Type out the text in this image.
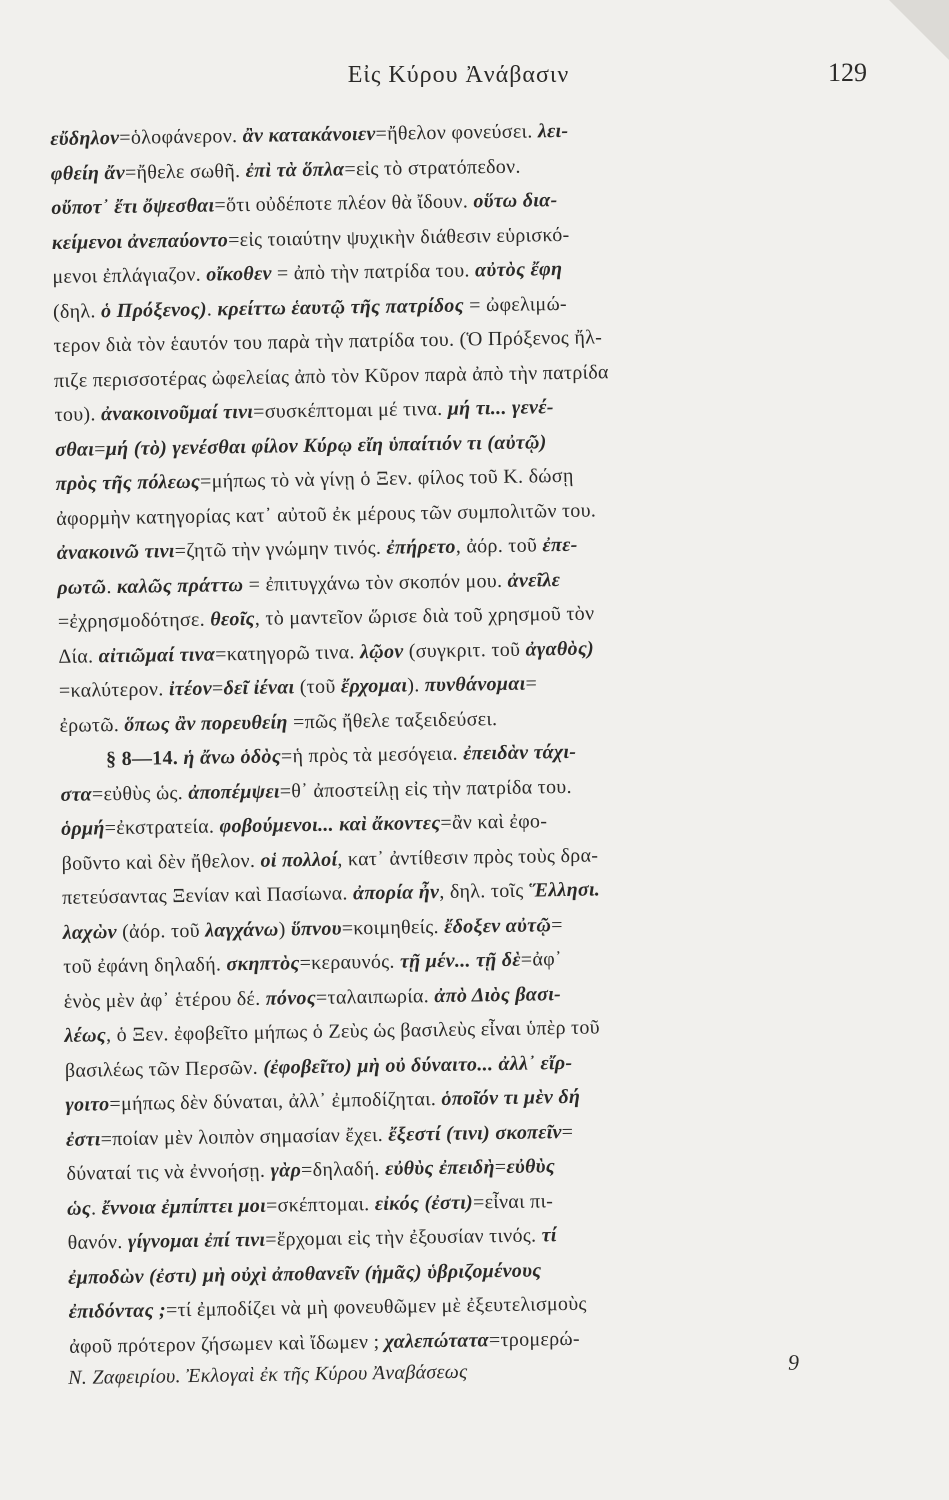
Εἰς Κύρου Ἀνάβασιν	129
εὔδηλον=ὁλοφάνερον. ἂν κατακάνοιεν=ἤθελον φονεύσει. λει-
φθείη ἄν=ἤθελε σωθῆ. ἐπὶ τὰ ὅπλα=εἰς τὸ στρατόπεδον.
οὔποτ᾽ ἔτι ὄψεσθαι=ὅτι οὐδέποτε πλέον θὰ ἴδουν. οὕτω δια-
κείμενοι ἀνεπαύοντο=εἰς τοιαύτην ψυχικὴν διάθεσιν εὑρισκό-
μενοι ἐπλάγιαζον. οἴκοθεν = ἀπὸ τὴν πατρίδα του. αὐτὸς ἔφη
(δηλ. ὁ Πρόξενος). κρείττω ἑαυτῷ τῆς πατρίδος = ὠφελιμώ-
τερον διὰ τὸν ἑαυτόν του παρὰ τὴν πατρίδα του. (Ὁ Πρόξενος ἤλ-
πιζε περισσοτέρας ὠφελείας ἀπὸ τὸν Κῦρον παρὰ ἀπὸ τὴν πατρίδα
του). ἀνακοινοῦμαί τινι=συσκέπτομαι μέ τινα. μή τι... γενέ-
σθαι=μή (τὸ) γενέσθαι φίλον Κύρῳ εἴη ὑπαίτιόν τι (αὐτῷ)
πρὸς τῆς πόλεως=μήπως τὸ νὰ γίνῃ ὁ Ξεν. φίλος τοῦ Κ. δώσῃ
ἀφορμὴν κατηγορίας κατ᾽ αὐτοῦ ἐκ μέρους τῶν συμπολιτῶν του.
ἀνακοινῶ τινι=ζητῶ τὴν γνώμην τινός. ἐπήρετο, ἀόρ. τοῦ ἐπε-
ρωτῶ. καλῶς πράττω = ἐπιτυγχάνω τὸν σκοπόν μου. ἀνεῖλε
=ἐχρησμοδότησε. θεοῖς, τὸ μαντεῖον ὥρισε διὰ τοῦ χρησμοῦ τὸν
Δία. αἰτιῶμαί τινα=κατηγορῶ τινα. λῷον (συγκριτ. τοῦ ἀγαθὸς)
=καλύτερον. ἰτέον=δεῖ ἰέναι (τοῦ ἔρχομαι). πυνθάνομαι=
ἐρωτῶ. ὅπως ἂν πορευθείη =πῶς ἤθελε ταξειδεύσει.
§ 8—14. ἡ ἄνω ὁδὸς=ἡ πρὸς τὰ μεσόγεια. ἐπειδὰν τάχι-
στα=εὐθὺς ὡς. ἀποπέμψει=θ᾽ ἀποστείλῃ εἰς τὴν πατρίδα του.
ὁρμή=ἐκστρατεία. φοβούμενοι... καὶ ἄκοντες=ἂν καὶ ἐφο-
βοῦντο καὶ δὲν ἤθελον. οἱ πολλοί, κατ᾽ ἀντίθεσιν πρὸς τοὺς δρα-
πετεύσαντας Ξενίαν καὶ Πασίωνα. ἀπορία ἦν, δηλ. τοῖς Ἕλλησι.
λαχὼν (ἀόρ. τοῦ λαγχάνω) ὕπνου=κοιμηθείς. ἔδοξεν αὐτῷ=
τοῦ ἐφάνη δηλαδή. σκηπτὸς=κεραυνός. τῇ μέν... τῇ δὲ=ἀφ᾽
ἑνὸς μὲν ἀφ᾽ ἑτέρου δέ. πόνος=ταλαιπωρία. ἀπὸ Διὸς βασι-
λέως, ὁ Ξεν. ἐφοβεῖτο μήπως ὁ Ζεὺς ὡς βασιλεὺς εἶναι ὑπὲρ τοῦ
βασιλέως τῶν Περσῶν. (ἐφοβεῖτο) μὴ οὐ δύναιτο... ἀλλ᾽ εἴρ-
γοιτο=μήπως δὲν δύναται, ἀλλ᾽ ἐμποδίζηται. ὁποῖόν τι μὲν δή
ἐστι=ποίαν μὲν λοιπὸν σημασίαν ἔχει. ἔξεστί (τινι) σκοπεῖν=
δύναταί τις νὰ ἐννοήσῃ. γὰρ=δηλαδή. εὐθὺς ἐπειδὴ=εὐθὺς
ὡς. ἔννοια ἐμπίπτει μοι=σκέπτομαι. εἰκός (ἐστι)=εἶναι πι-
θανόν. γίγνομαι ἐπί τινι=ἔρχομαι εἰς τὴν ἐξουσίαν τινός. τί
ἐμποδὼν (ἐστι) μὴ οὐχὶ ἀποθανεῖν (ἡμᾶς) ὑβριζομένους
ἐπιδόντας ;=τί ἐμποδίζει νὰ μὴ φονευθῶμεν μὲ ἐξευτελισμοὺς
ἀφοῦ πρότερον ζήσωμεν καὶ ἴδωμεν ; χαλεπώτατα=τρομερώ-
Ν. Ζαφειρίου. Ἐκλογαὶ ἐκ τῆς Κύρου Ἀναβάσεως	9
